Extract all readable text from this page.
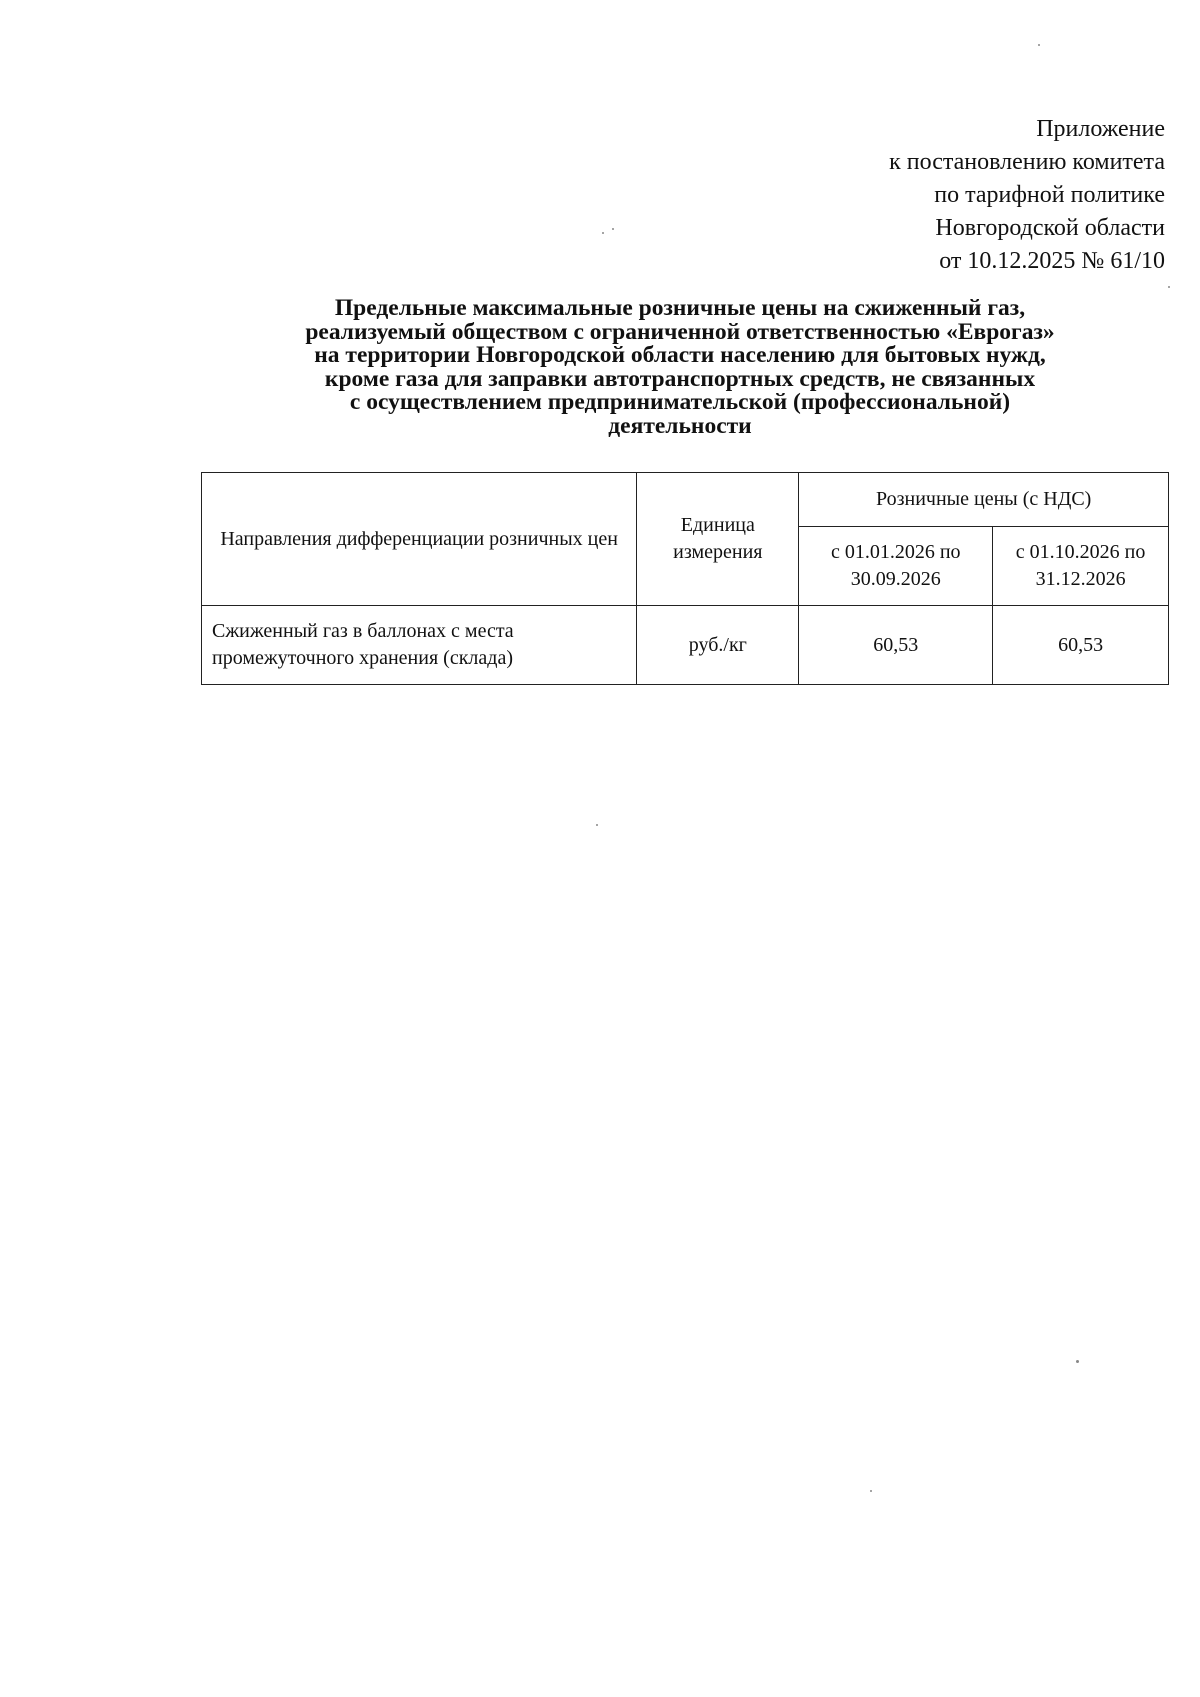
Приложение
к постановлению комитета
по тарифной политике
Новгородской области
от 10.12.2025 № 61/10
Предельные максимальные розничные цены на сжиженный газ,
реализуемый обществом с ограниченной ответственностью «Еврогаз»
на территории Новгородской области населению для бытовых нужд,
кроме газа для заправки автотранспортных средств, не связанных
с осуществлением предпринимательской (профессиональной)
деятельности
Направления дифференциации розничных цен	Единица измерения	Розничные цены (с НДС)	
		с 01.01.2026 по 30.09.2026	с 01.10.2026 по 31.12.2026
Сжиженный газ в баллонах с места промежуточного хранения (склада)	руб./кг	60,53	60,53
